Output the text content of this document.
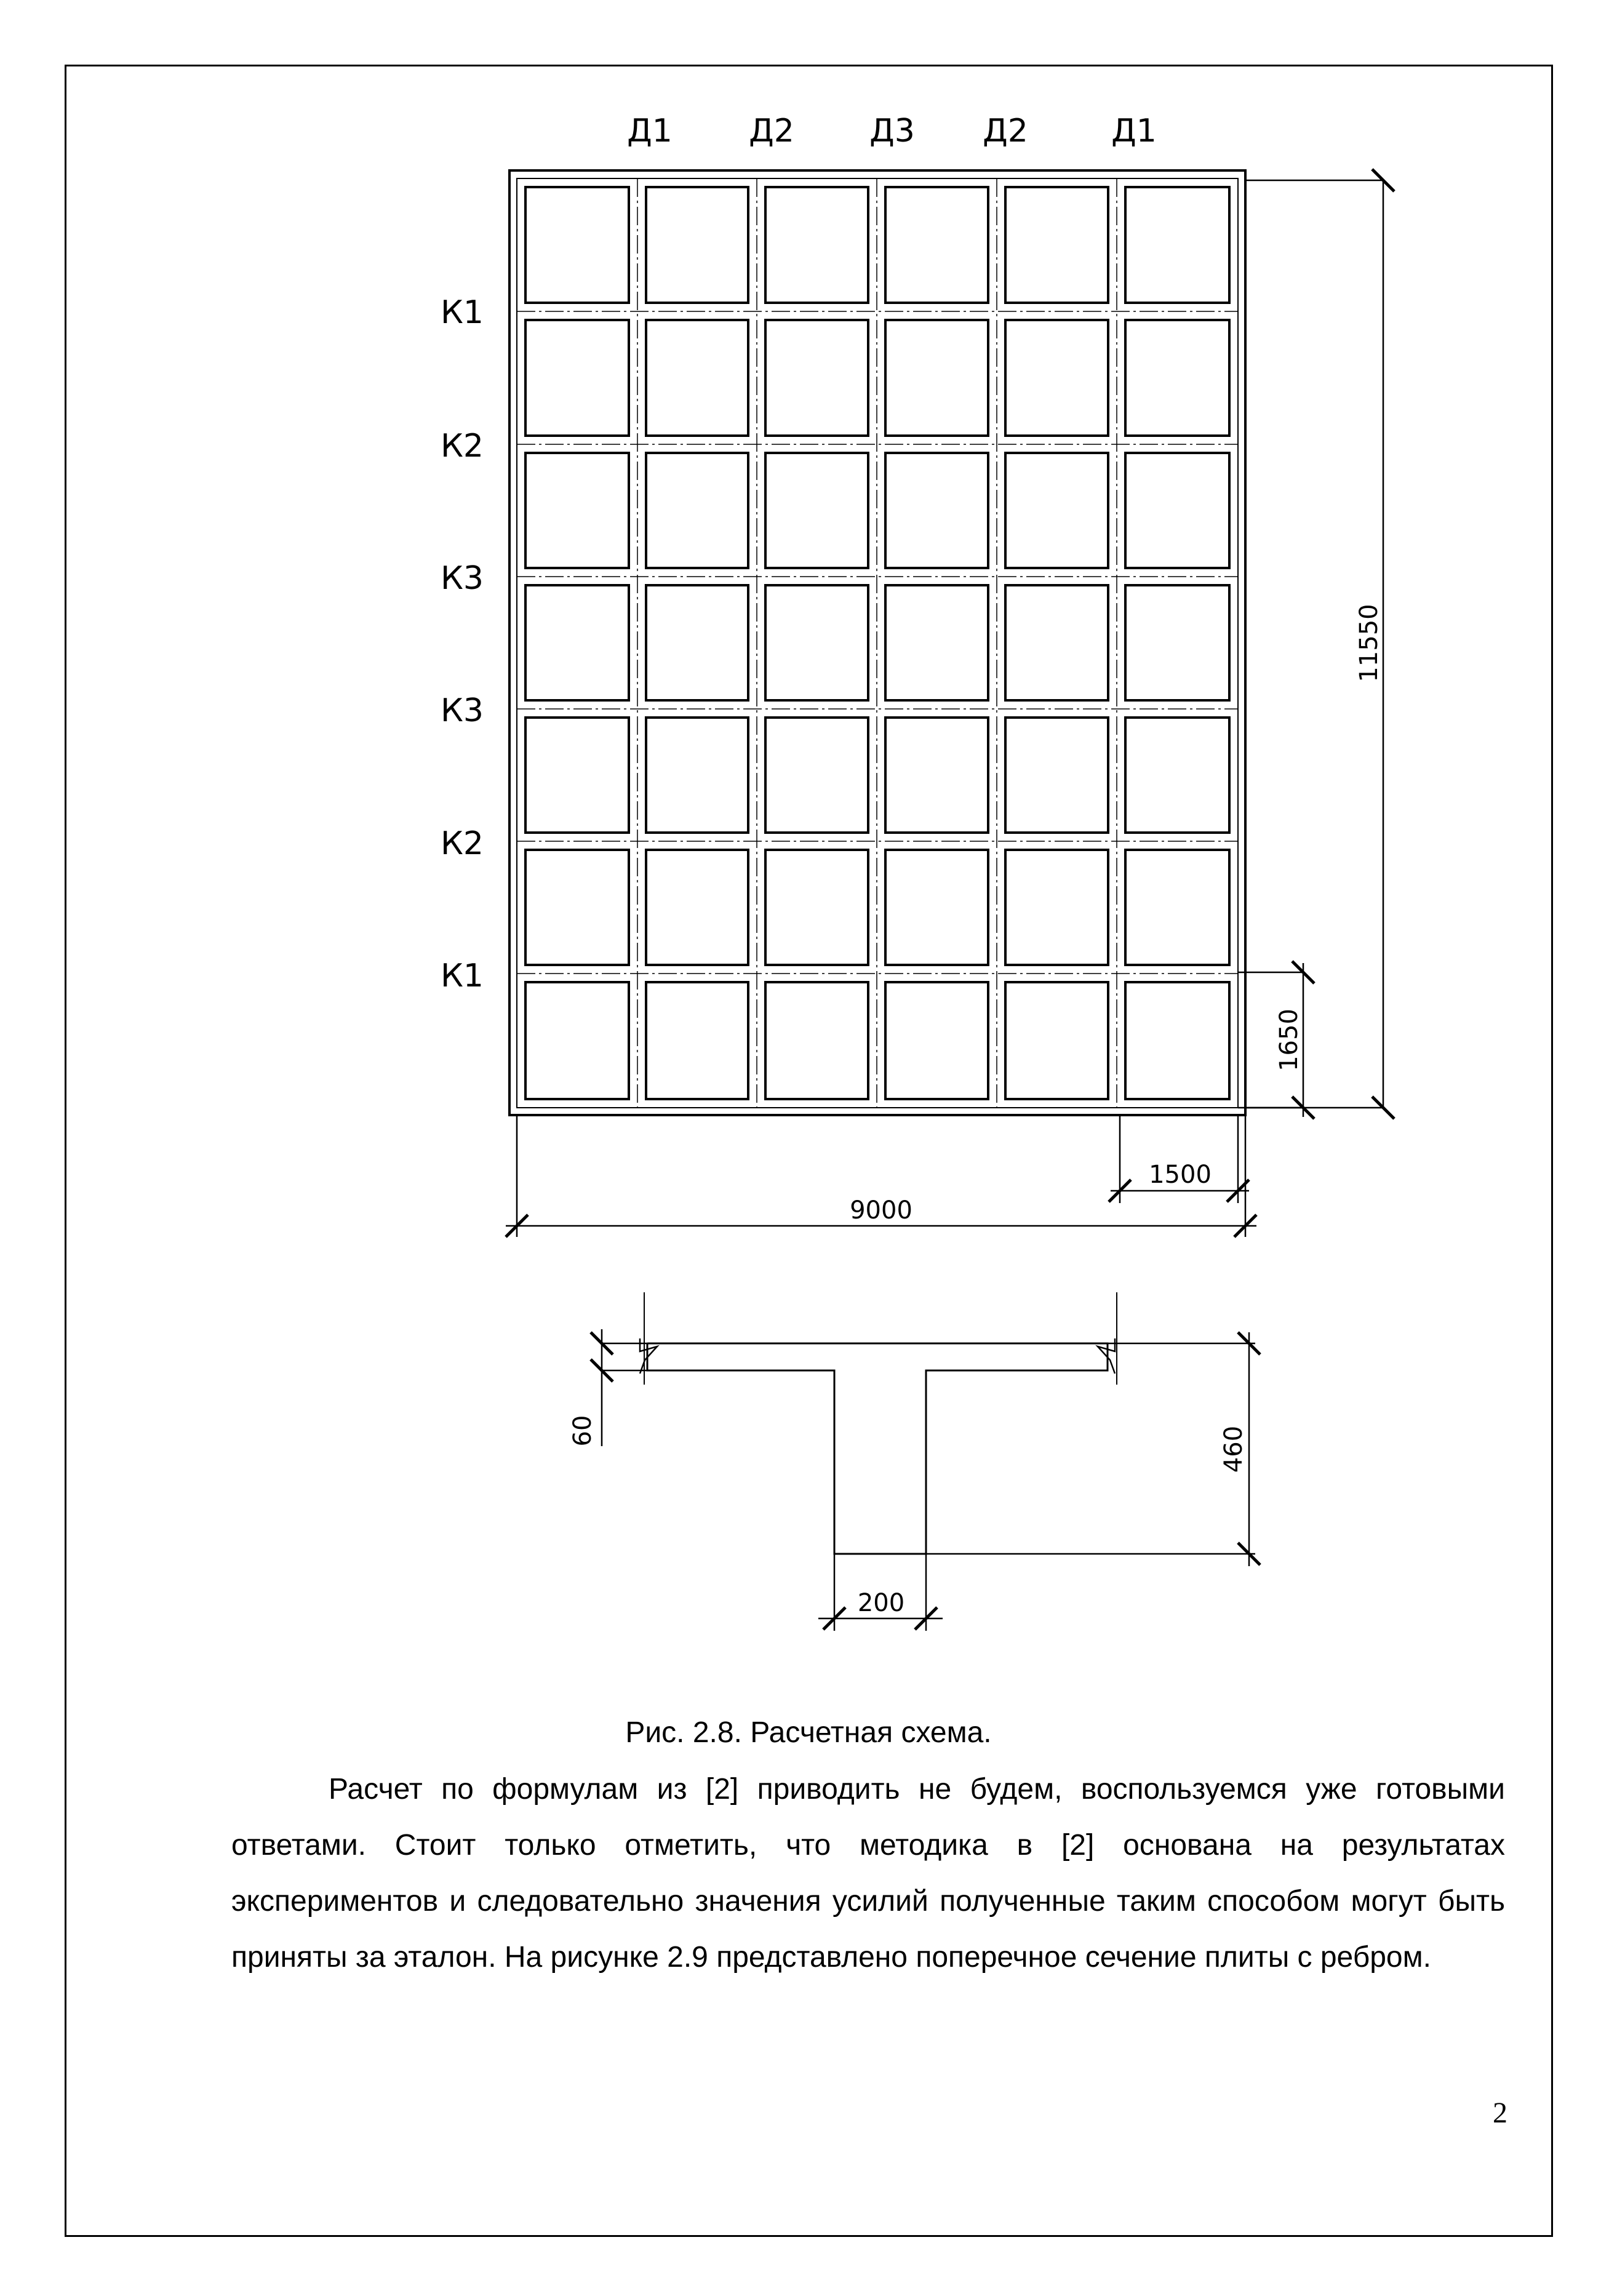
Д1 Д2 Д3 Д2	Д1
К1
К2
К3
К3
К2
К1
11550
1650
1500
9000
60	460
200
Рис. 2.8. Расчетная схема.

Расчет по формулам из [2] приводить не будем, воспользуемся уже готовыми ответами. Стоит только отметить, что методика в [2] основана на результатах экспериментов и следовательно значения усилий полученные таким способом могут быть приняты за эталон. На рисунке 2.9 представлено поперечное сечение плиты с ребром.

2
